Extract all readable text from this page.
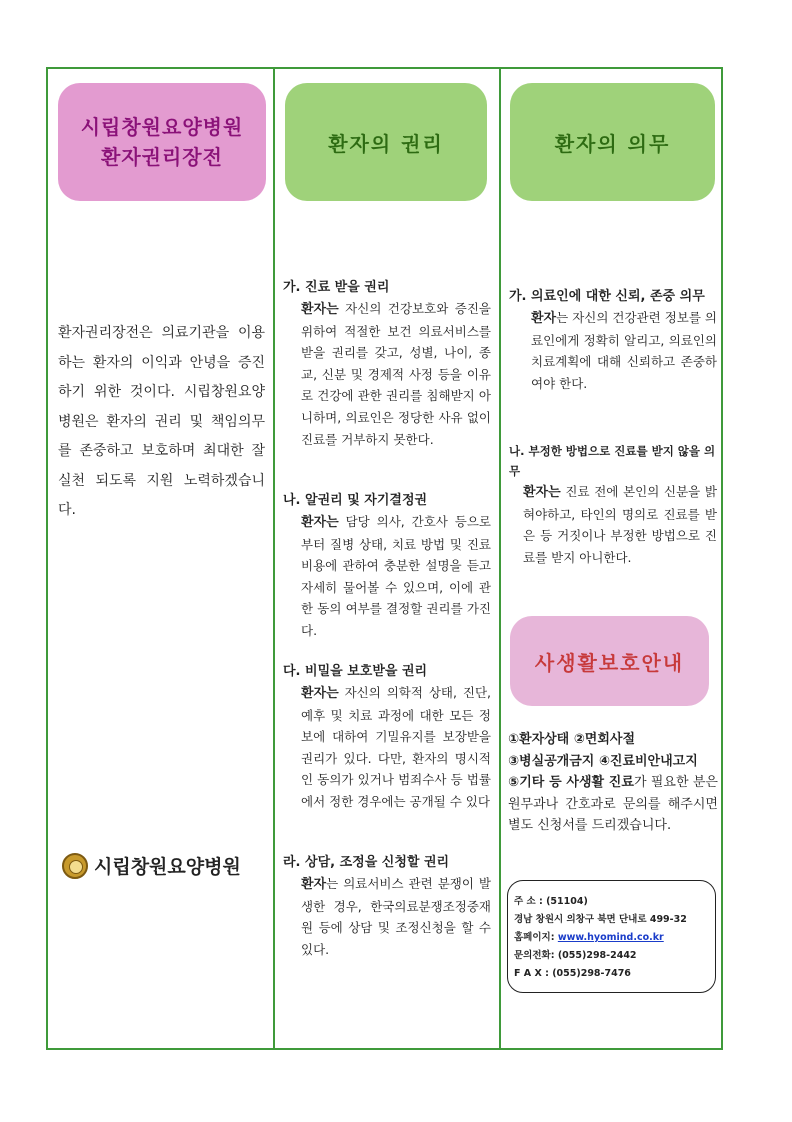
시립창원요양병원
환자권리장전
환자권리장전은 의료기관을 이용하는 환자의 이익과 안녕을 증진하기 위한 것이다. 시립창원요양병원은 환자의 권리 및 책임의무를 존중하고 보호하며 최대한 잘 실천 되도록 지원 노력하겠습니다.
시립창원요양병원
환자의 권리
가. 진료 받을 권리
환자는 자신의 건강보호와 증진을 위하여 적절한 보건 의료서비스를 받을 권리를 갖고, 성별, 나이, 종교, 신분 및 경제적 사정 등을 이유로 건강에 관한 권리를 침해받지 아니하며, 의료인은 정당한 사유 없이 진료를 거부하지 못한다.
나. 알권리 및 자기결정권
환자는 담당 의사, 간호사 등으로부터 질병 상태, 치료 방법 및 진료비용에 관하여 충분한 설명을 듣고 자세히 물어볼 수 있으며, 이에 관한 동의 여부를 결정할 권리를 가진다.
다. 비밀을 보호받을 권리
환자는 자신의 의학적 상태, 진단, 예후 및 치료 과정에 대한 모든 정보에 대하여 기밀유지를 보장받을 권리가 있다. 다만, 환자의 명시적인 동의가 있거나 범죄수사 등 법률에서 정한 경우에는 공개될 수 있다
라. 상담, 조정을 신청할 권리
환자는 의료서비스 관련 분쟁이 발생한 경우, 한국의료분쟁조정중재원 등에 상담 및 조정신청을 할 수 있다.
환자의 의무
가. 의료인에 대한 신뢰, 존중 의무
환자는 자신의 건강관련 정보를 의료인에게 정확히 알리고, 의료인의 치료계획에 대해 신뢰하고 존중하여야 한다.
나. 부정한 방법으로 진료를 받지 않을 의무
환자는 진료 전에 본인의 신분을 밝혀야하고, 타인의 명의로 진료를 받은 등 거짓이나 부정한 방법으로 진료를 받지 아니한다.
사생활보호안내
①환자상태 ②면회사절
③병실공개금지 ④진료비안내고지
⑤기타 등 사생활 진료가 필요한 분은 원무과나 간호과로 문의를 해주시면 별도 신청서를 드리겠습니다.
주 소 : (51104)
경남 창원시 의창구 북면 단내로 499-32
홈페이지: www.hyomind.co.kr
문의전화: (055)298-2442
F A X : (055)298-7476
